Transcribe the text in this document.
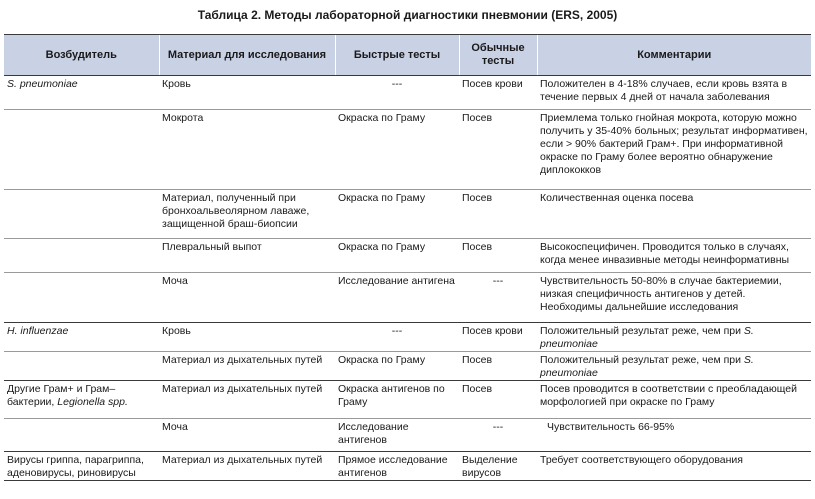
Таблица 2. Методы лабораторной диагностики пневмонии (ERS, 2005)
Возбудитель	Материал для исследования	Быстрые тесты	Обычные тесты	Комментарии
S. pneumoniae	Кровь	---	Посев крови	Положителен в 4-18% случаев, если кровь взята в течение первых 4 дней от начала заболевания
	Мокрота	Окраска по Граму	Посев	Приемлема только гнойная мокрота, которую можно получить у 35-40% больных; результат информативен, если > 90% бактерий Грам+. При информативной окраске по Граму более вероятно обнаружение диплококков
	Материал, полученный при бронхоальвеолярном лаваже, защищенной браш-биопсии	Окраска по Граму	Посев	Количественная оценка посева
	Плевральный выпот	Окраска по Граму	Посев	Высокоспецифичен. Проводится только в случаях, когда менее инвазивные методы неинформативны
	Моча	Исследование антигена	---	Чувствительность 50-80% в случае бактериемии, низкая специфичность антигенов у детей. Необходимы дальнейшие исследования
H. influenzae	Кровь	---	Посев крови	Положительный результат реже, чем при S. pneumoniae
	Материал из дыхательных путей	Окраска по Граму	Посев	Положительный результат реже, чем при S. pneumoniae
Другие Грам+ и Грам– бактерии, Legionella spp.	Материал из дыхательных путей	Окраска антигенов по Граму	Посев	Посев проводится в соответствии с преобладающей морфологией при окраске по Граму
	Моча	Исследование антигенов	---	Чувствительность 66-95%
Вирусы гриппа, парагриппа, аденовирусы, риновирусы	Материал из дыхательных путей	Прямое исследование антигенов	Выделение вирусов	Требует соответствующего оборудования
